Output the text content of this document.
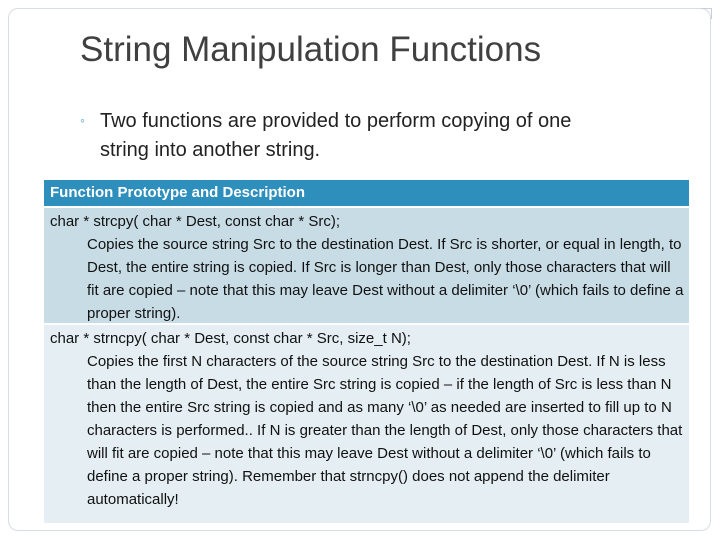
String Manipulation Functions
◦ Two functions are provided to perform copying of one
string into another string.
Function Prototype and Description
char * strcpy( char * Dest, const char * Src);
Copies the source string Src to the destination Dest. If Src is shorter, or equal in length, to Dest, the entire string is copied. If Src is longer than Dest, only those characters that will fit are copied – note that this may leave Dest without a delimiter ‘\0’ (which fails to define a proper string).
char * strncpy( char * Dest, const char * Src, size_t N);
Copies the first N characters of the source string Src to the destination Dest. If N is less than the length of Dest, the entire Src string is copied – if the length of Src is less than N then the entire Src string is copied and as many ‘\0’ as needed are inserted to fill up to N characters is performed.. If N is greater than the length of Dest, only those characters that will fit are copied – note that this may leave Dest without a delimiter ‘\0’ (which fails to define a proper string). Remember that strncpy() does not append the delimiter automatically!
